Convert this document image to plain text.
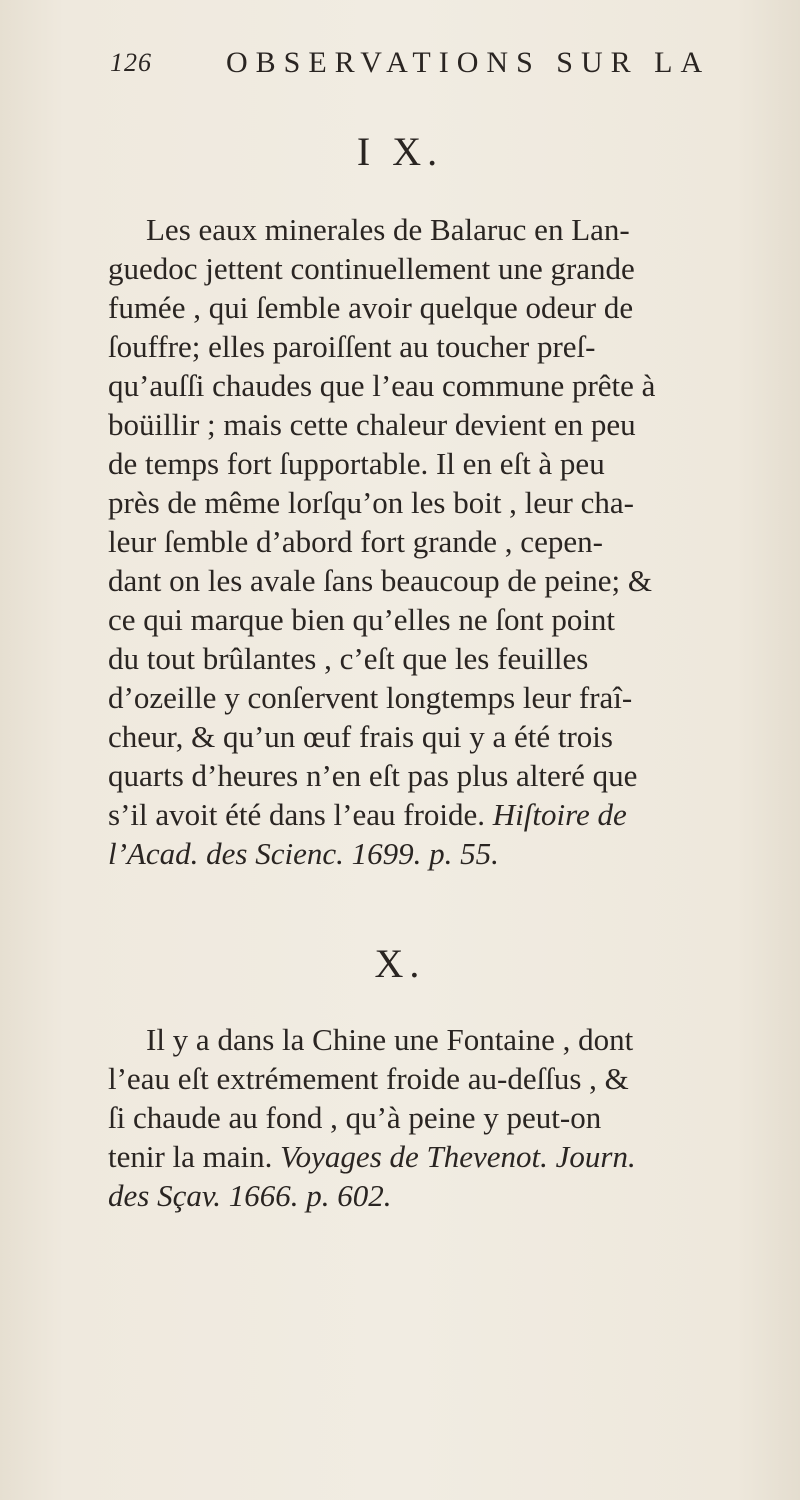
126 OBSERVATIONS SUR LA
I X.
Les eaux minerales de Balaruc en Lan-
guedoc jettent continuellement une grande
fumée , qui ſemble avoir quelque odeur de
ſouffre; elles paroiſſent au toucher preſ-
qu’auſſi chaudes que l’eau commune prête à
boüillir ; mais cette chaleur devient en peu
de temps fort ſupportable. Il en eſt à peu
près de même lorſqu’on les boit , leur cha-
leur ſemble d’abord fort grande , cepen-
dant on les avale ſans beaucoup de peine; &
ce qui marque bien qu’elles ne ſont point
du tout brûlantes , c’eſt que les feuilles
d’ozeille y conſervent longtemps leur fraî-
cheur, & qu’un œuf frais qui y a été trois
quarts d’heures n’en eſt pas plus alteré que
s’il avoit été dans l’eau froide. Hiſtoire de
l’Acad. des Scienc. 1699. p. 55.
X.
Il y a dans la Chine une Fontaine , dont
l’eau eſt extrémement froide au-deſſus , &
ſi chaude au fond , qu’à peine y peut-on
tenir la main. Voyages de Thevenot. Journ.
des Sçav. 1666. p. 602.
